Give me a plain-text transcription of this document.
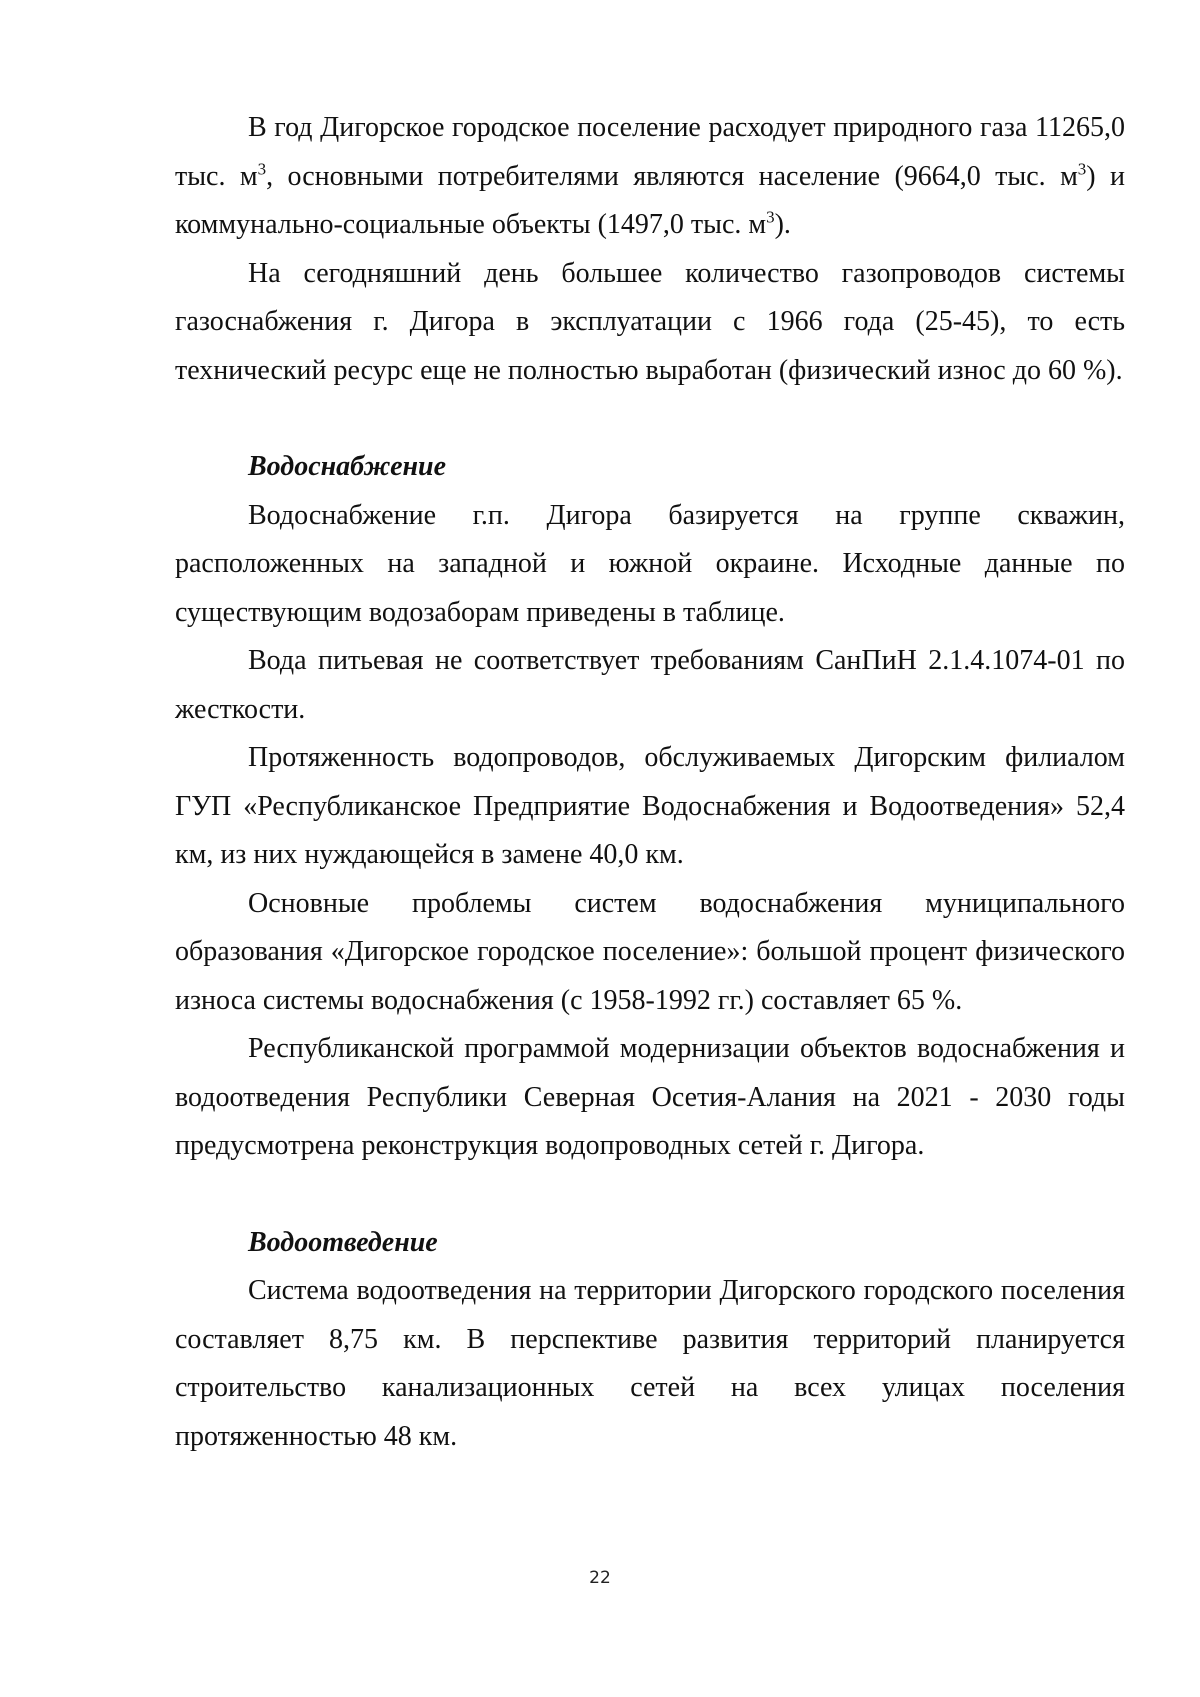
В год Дигорское городское поселение расходует природного газа 11265,0 тыс. $м^3$, основными потребителями являются население (9664,0 тыс. $м^3$) и коммунально-социальные объекты (1497,0 тыс. $м^3$).

На сегодняшний день большее количество газопроводов системы газоснабжения г. Дигора в эксплуатации с 1966 года (25-45), то есть технический ресурс еще не полностью выработан (физический износ до 60 %).

Водоснабжение

Водоснабжение г.п. Дигора базируется на группе скважин, расположенных на западной и южной окраине. Исходные данные по существующим водозаборам приведены в таблице.

Вода питьевая не соответствует требованиям СанПиН 2.1.4.1074-01 по жесткости.

Протяженность водопроводов, обслуживаемых Дигорским филиалом ГУП «Республиканское Предприятие Водоснабжения и Водоотведения» 52,4 км, из них нуждающейся в замене 40,0 км.

Основные проблемы систем водоснабжения муниципального образования «Дигорское городское поселение»: большой процент физического износа системы водоснабжения (с 1958-1992 гг.) составляет 65 %.

Республиканской программой модернизации объектов водоснабжения и водоотведения Республики Северная Осетия-Алания на 2021 - 2030 годы предусмотрена реконструкция водопроводных сетей г. Дигора.

Водоотведение

Система водоотведения на территории Дигорского городского поселения составляет 8,75 км. В перспективе развития территорий планируется строительство канализационных сетей на всех улицах поселения протяженностью 48 км.

22
